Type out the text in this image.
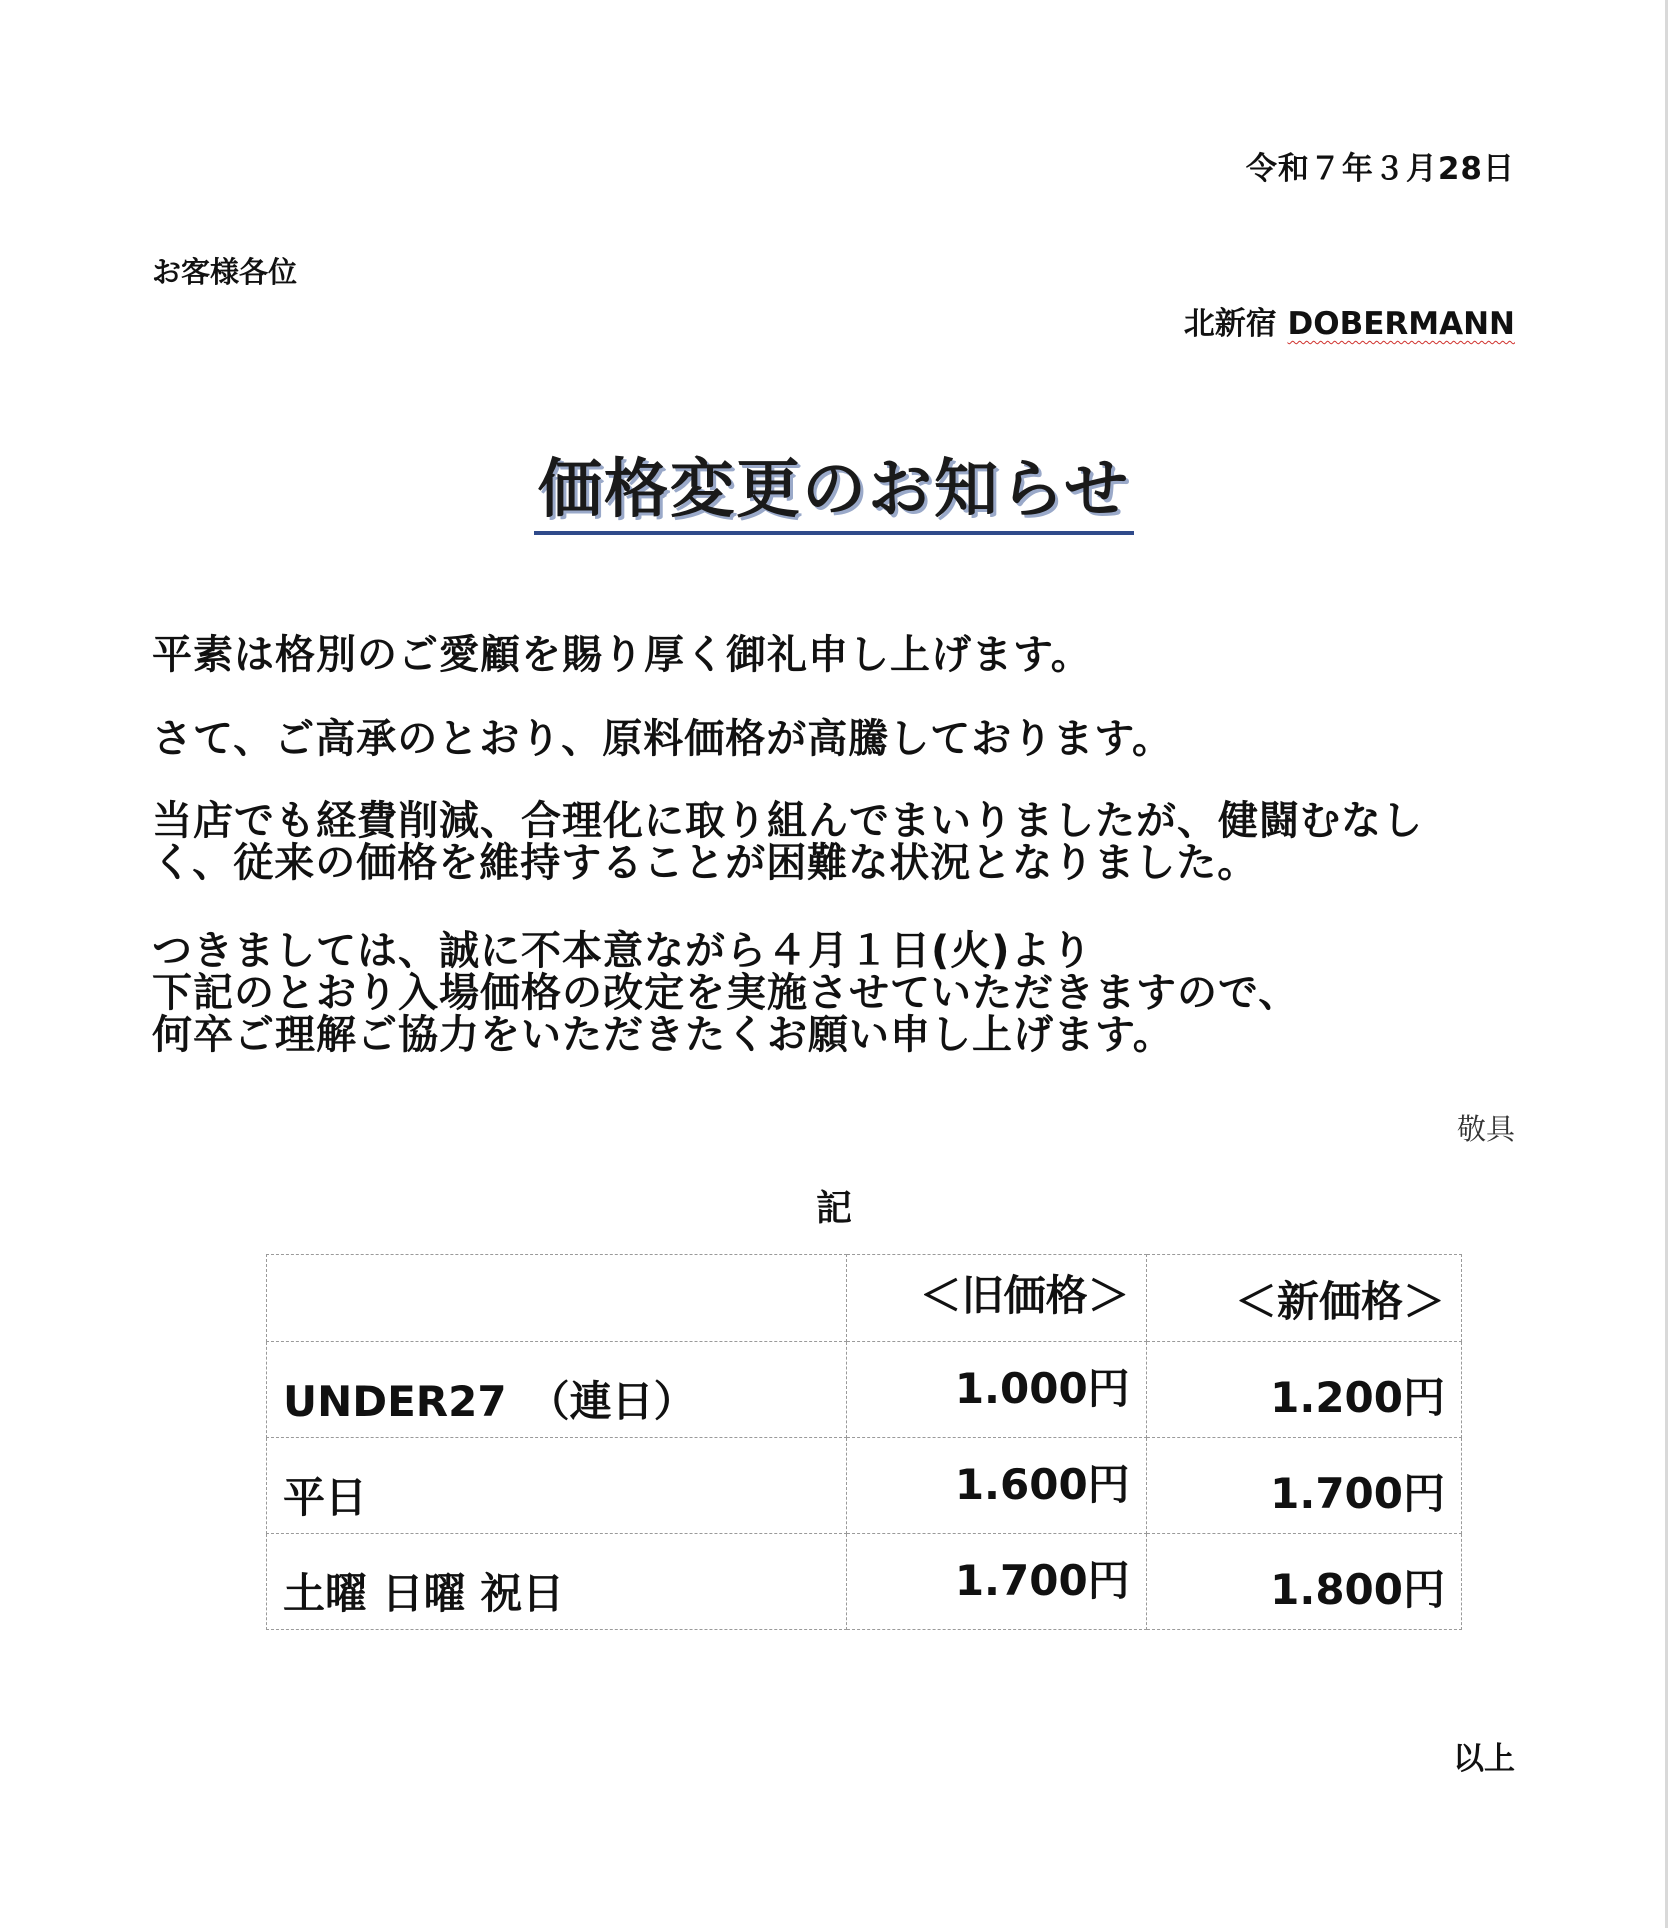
令和７年３月28日
お客様各位
北新宿 DOBERMANN
価格変更のお知らせ
平素は格別のご愛顧を賜り厚く御礼申し上げます。
さて、ご高承のとおり、原料価格が高騰しております。
当店でも経費削減、合理化に取り組んでまいりましたが、健闘むなし
く、従来の価格を維持することが困難な状況となりました。
つきましては、誠に不本意ながら４月１日(火)より
下記のとおり入場価格の改定を実施させていただきますので、
何卒ご理解ご協力をいただきたくお願い申し上げます。
敬具
記
	＜旧価格＞	＜新価格＞
UNDER27　（連日）	1.000円	1.200円
平日	1.600円	1.700円
土曜 日曜 祝日	1.700円	1.800円
以上
